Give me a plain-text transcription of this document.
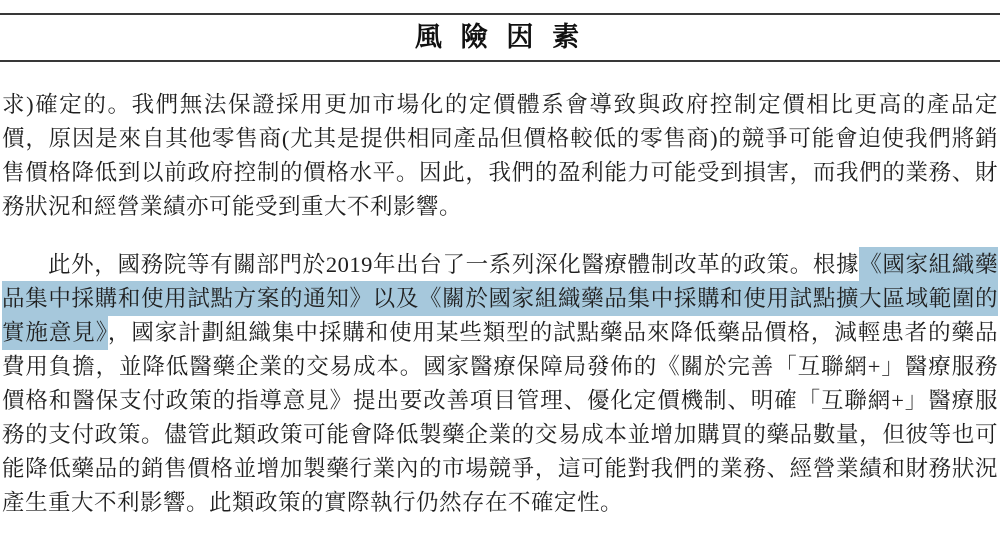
風 險 因 素

求)確定的。我們無法保證採用更加市場化的定價體系會導致與政府控制定價相比更高的產品定價，原因是來自其他零售商(尤其是提供相同產品但價格較低的零售商)的競爭可能會迫使我們將銷售價格降低到以前政府控制的價格水平。因此，我們的盈利能力可能受到損害，而我們的業務、財務狀況和經營業績亦可能受到重大不利影響。

此外，國務院等有關部門於2019年出台了一系列深化醫療體制改革的政策。根據《國家組織藥品集中採購和使用試點方案的通知》以及《關於國家組織藥品集中採購和使用試點擴大區域範圍的實施意見》，國家計劃組織集中採購和使用某些類型的試點藥品來降低藥品價格，減輕患者的藥品費用負擔，並降低醫藥企業的交易成本。國家醫療保障局發佈的《關於完善「互聯網+」醫療服務價格和醫保支付政策的指導意見》提出要改善項目管理、優化定價機制、明確「互聯網+」醫療服務的支付政策。儘管此類政策可能會降低製藥企業的交易成本並增加購買的藥品數量，但彼等也可能降低藥品的銷售價格並增加製藥行業內的市場競爭，這可能對我們的業務、經營業績和財務狀況產生重大不利影響。此類政策的實際執行仍然存在不確定性。
